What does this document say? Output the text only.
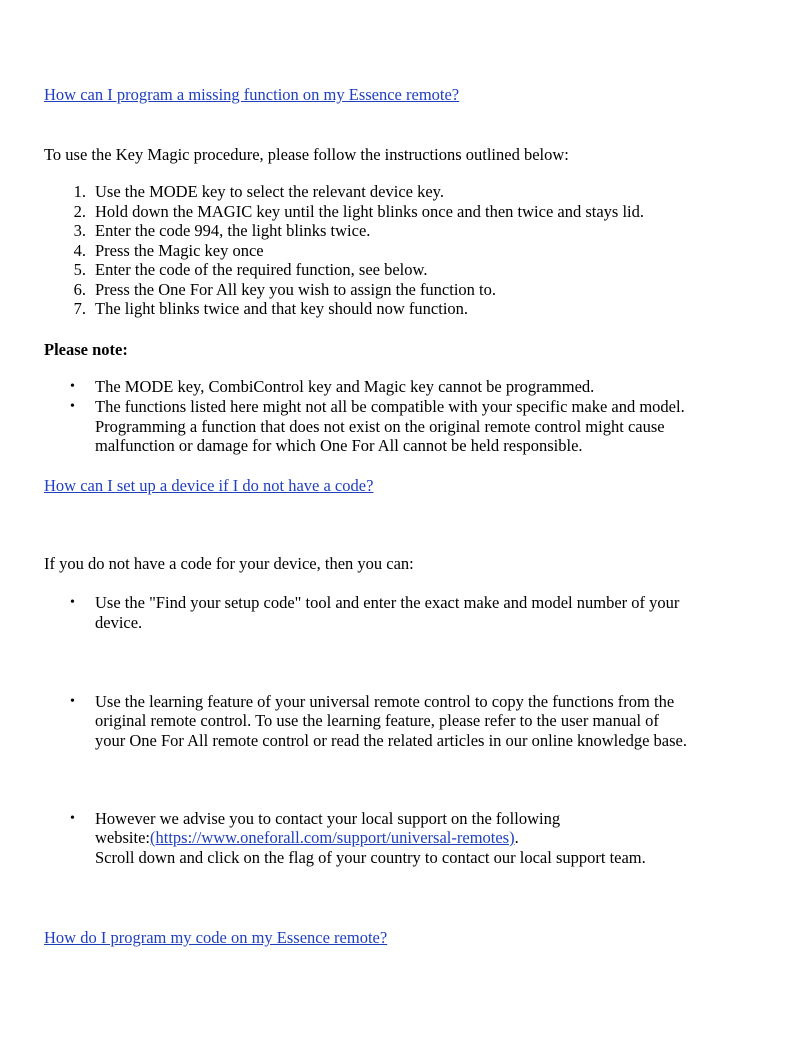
How can I program a missing function on my Essence remote?
To use the Key Magic procedure, please follow the instructions outlined below:
1. Use the MODE key to select the relevant device key.
2. Hold down the MAGIC key until the light blinks once and then twice and stays lid.
3. Enter the code 994, the light blinks twice.
4. Press the Magic key once
5. Enter the code of the required function, see below.
6. Press the One For All key you wish to assign the function to.
7. The light blinks twice and that key should now function.
Please note:
• The MODE key, CombiControl key and Magic key cannot be programmed.
• The functions listed here might not all be compatible with your specific make and model.
Programming a function that does not exist on the original remote control might cause
malfunction or damage for which One For All cannot be held responsible.
How can I set up a device if I do not have a code?
If you do not have a code for your device, then you can:
• Use the "Find your setup code" tool and enter the exact make and model number of your
device.
• Use the learning feature of your universal remote control to copy the functions from the
original remote control. To use the learning feature, please refer to the user manual of
your One For All remote control or read the related articles in our online knowledge base.
• However we advise you to contact your local support on the following
website:(https://www.oneforall.com/support/universal-remotes).
Scroll down and click on the flag of your country to contact our local support team.
How do I program my code on my Essence remote?
